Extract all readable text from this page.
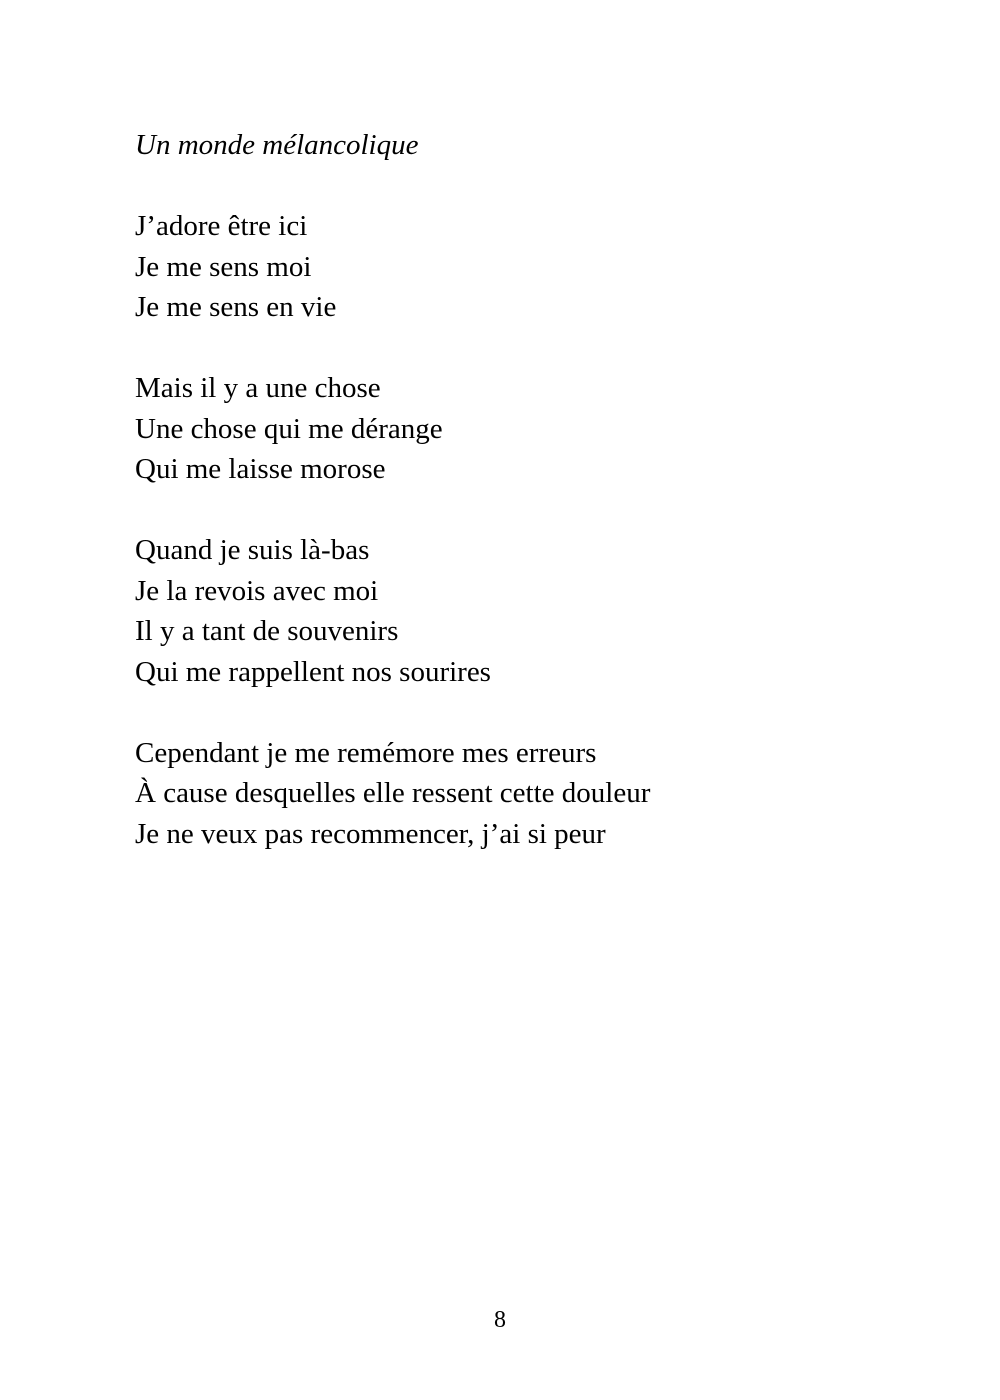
Un monde mélancolique
J’adore être ici
Je me sens moi
Je me sens en vie
Mais il y a une chose
Une chose qui me dérange
Qui me laisse morose
Quand je suis là-bas
Je la revois avec moi
Il y a tant de souvenirs
Qui me rappellent nos sourires
Cependant je me remémore mes erreurs
À cause desquelles elle ressent cette douleur
Je ne veux pas recommencer, j’ai si peur
8
